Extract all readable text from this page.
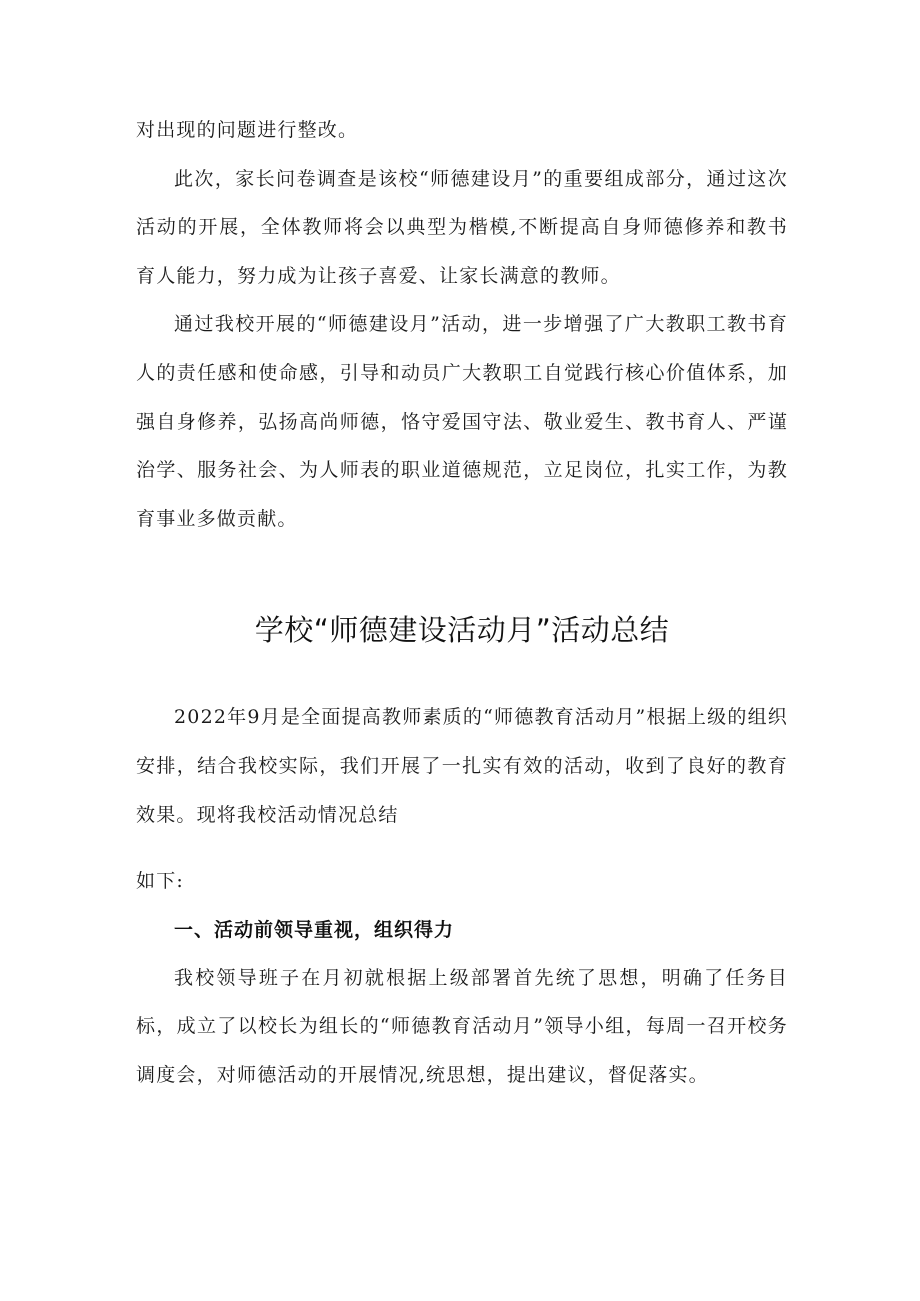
对出现的问题进行整改。

此次，家长问卷调查是该校“师德建设月”的重要组成部分，通过这次活动的开展，全体教师将会以典型为楷模,不断提高自身师德修养和教书育人能力，努力成为让孩子喜爱、让家长满意的教师。

通过我校开展的“师德建设月”活动，进一步增强了广大教职工教书育人的责任感和使命感，引导和动员广大教职工自觉践行核心价值体系，加强自身修养，弘扬高尚师德，恪守爱国守法、敬业爱生、教书育人、严谨治学、服务社会、为人师表的职业道德规范，立足岗位，扎实工作，为教育事业多做贡献。

学校“师德建设活动月”活动总结

2022年9月是全面提高教师素质的“师德教育活动月”根据上级的组织安排，结合我校实际，我们开展了一扎实有效的活动，收到了良好的教育效果。现将我校活动情况总结

如下:

一、活动前领导重视，组织得力

我校领导班子在月初就根据上级部署首先统了思想，明确了任务目标，成立了以校长为组长的“师德教育活动月”领导小组，每周一召开校务调度会，对师德活动的开展情况,统思想，提出建议，督促落实。
